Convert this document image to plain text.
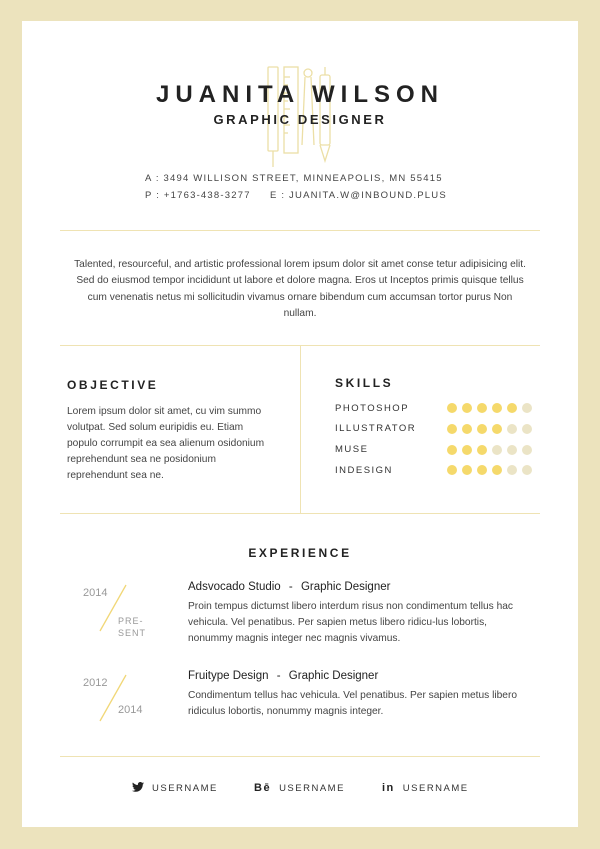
JUANITA WILSON
GRAPHIC DESIGNER
A : 3494 WILLISON STREET, MINNEAPOLIS, MN 55415
P : +1763-438-3277 E : JUANITA.W@INBOUND.PLUS
Talented, resourceful, and artistic professional lorem ipsum dolor sit amet conse tetur adipisicing elit. Sed do eiusmod tempor incididunt ut labore et dolore magna. Eros ut Inceptos primis quisque tellus cum venenatis netus mi sollicitudin vivamus ornare bibendum cum accumsan tortor purus Non nullam.
OBJECTIVE
Lorem ipsum dolor sit amet, cu vim summo volutpat. Sed solum euripidis eu. Etiam populo corrumpit ea sea alienum osidonium reprehendunt sea ne posidonium reprehendunt sea ne.
SKILLS
PHOTOSHOP
ILLUSTRATOR
MUSE
INDESIGN
EXPERIENCE
2014
PRE-
SENT
Adsvocado Studio - Graphic Designer
Proin tempus dictumst libero interdum risus non condimentum tellus hac vehicula. Vel penatibus. Per sapien metus libero ridicu-lus lobortis, nonummy magnis integer nec magnis vivamus.
2012
2014
Fruitype Design - Graphic Designer
Condimentum tellus hac vehicula. Vel penatibus. Per sapien metus libero ridiculus lobortis, nonummy magnis integer.
USERNAME	Bē USERNAME	in USERNAME
